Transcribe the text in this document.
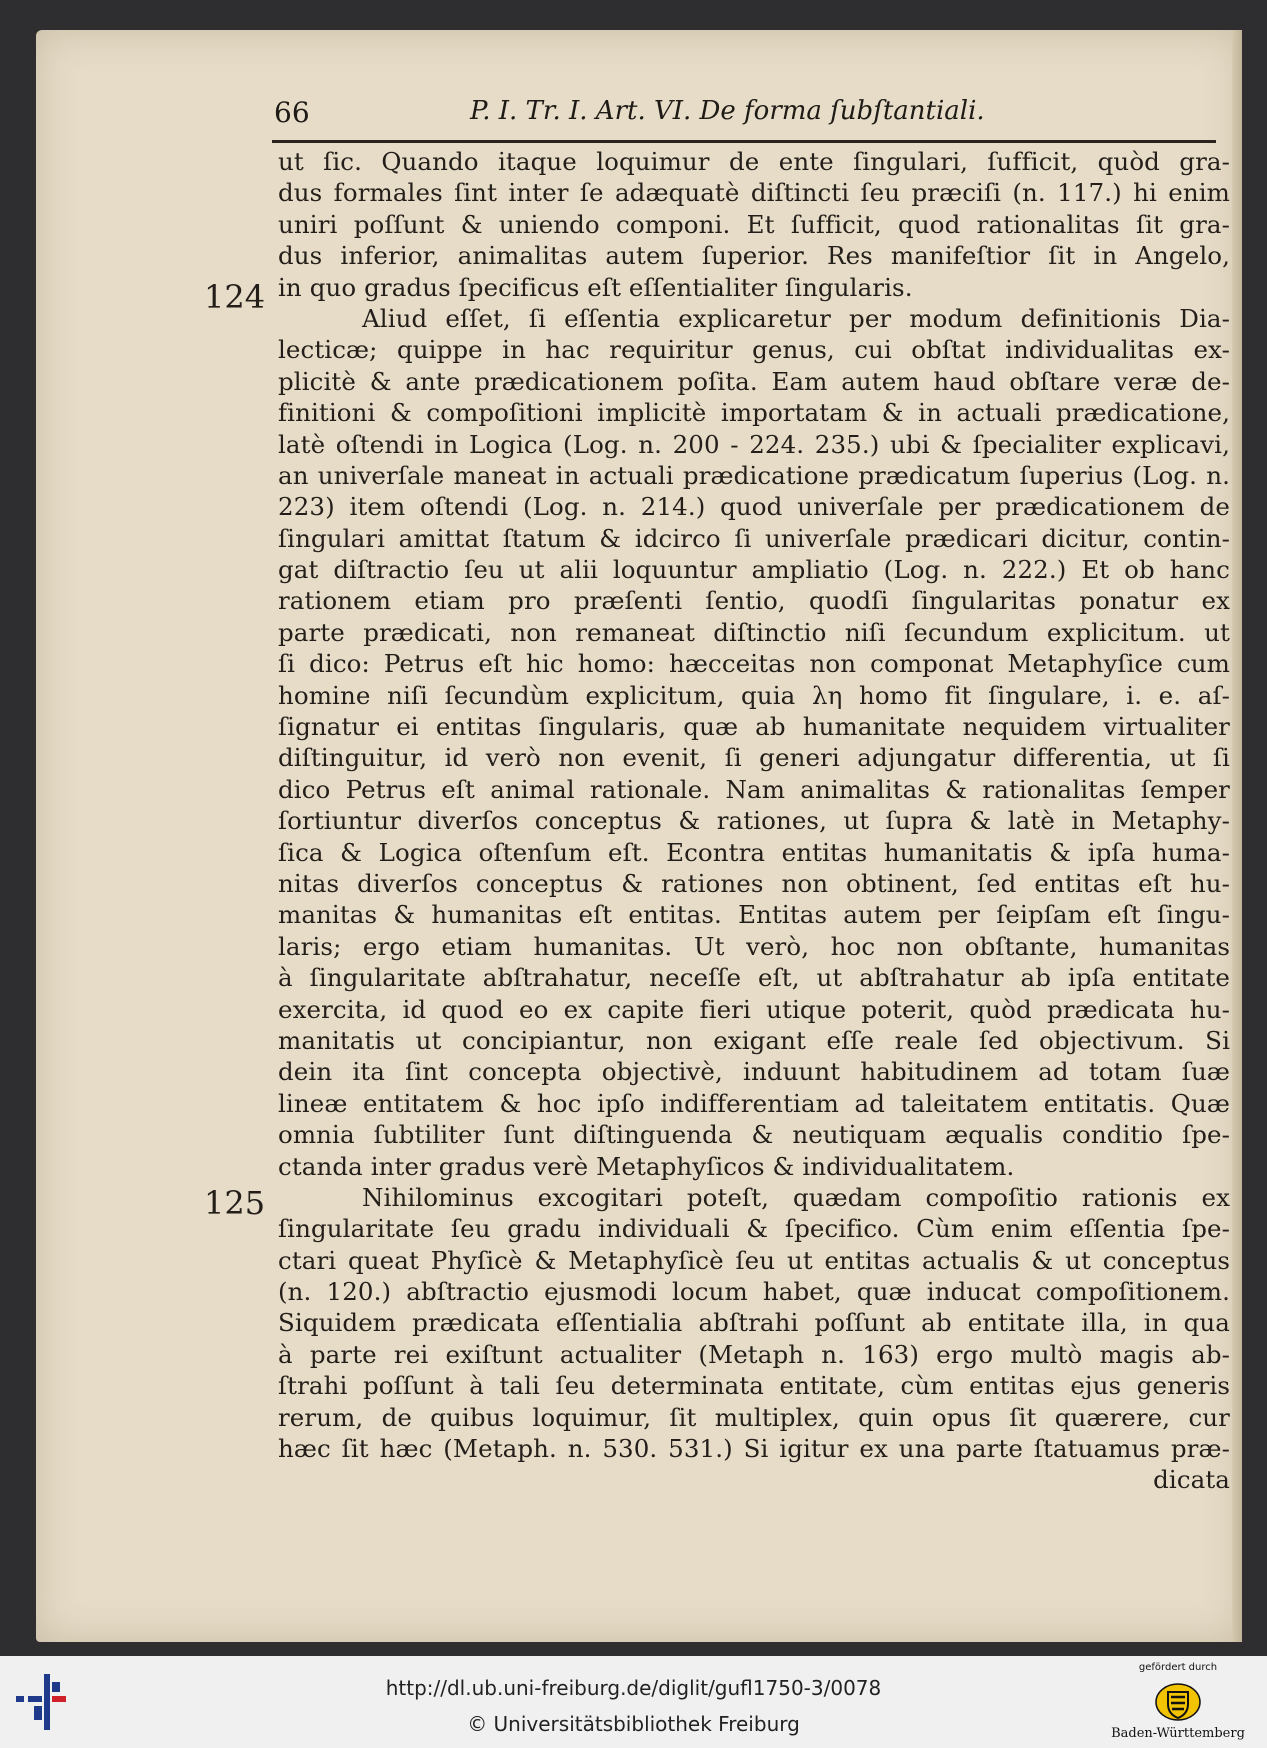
66	P. I. Tr. I. Art. VI. De forma ſubſtantiali.
124
125
ut ſic. Quando itaque loquimur de ente ſingulari, ſufficit, quòd gra-
dus formales ſint inter ſe adæquatè diſtincti ſeu præciſi (n. 117.) hi enim
uniri poſſunt & uniendo componi. Et ſufficit, quod rationalitas ſit gra-
dus inferior, animalitas autem ſuperior. Res manifeſtior ſit in Angelo,
in quo gradus ſpecificus eſt eſſentialiter ſingularis.
Aliud eſſet, ſi eſſentia explicaretur per modum definitionis Dia-
lecticæ; quippe in hac requiritur genus, cui obſtat individualitas ex-
plicitè & ante prædicationem poſita. Eam autem haud obſtare veræ de-
finitioni & compoſitioni implicitè importatam & in actuali prædicatione,
latè oſtendi in Logica (Log. n. 200 - 224. 235.) ubi & ſpecialiter explicavi,
an univerſale maneat in actuali prædicatione prædicatum ſuperius (Log. n.
223) item oſtendi (Log. n. 214.) quod univerſale per prædicationem de
ſingulari amittat ſtatum & idcirco ſi univerſale prædicari dicitur, contin-
gat diſtractio ſeu ut alii loquuntur ampliatio (Log. n. 222.) Et ob hanc
rationem etiam pro præſenti ſentio, quodſi ſingularitas ponatur ex
parte prædicati, non remaneat diſtinctio niſi ſecundum explicitum. ut
ſi dico: Petrus eſt hic homo: hæcceitas non componat Metaphyſice cum
homine niſi ſecundùm explicitum, quia λη homo fit ſingulare, i. e. aſ-
ſignatur ei entitas ſingularis, quæ ab humanitate nequidem virtualiter
diſtinguitur, id verò non evenit, ſi generi adjungatur differentia, ut ſi
dico Petrus eſt animal rationale. Nam animalitas & rationalitas ſemper
ſortiuntur diverſos conceptus & rationes, ut ſupra & latè in Metaphy-
ſica & Logica oſtenſum eſt. Econtra entitas humanitatis & ipſa huma-
nitas diverſos conceptus & rationes non obtinent, ſed entitas eſt hu-
manitas & humanitas eſt entitas. Entitas autem per ſeipſam eſt ſingu-
laris; ergo etiam humanitas. Ut verò, hoc non obſtante, humanitas
à ſingularitate abſtrahatur, neceſſe eſt, ut abſtrahatur ab ipſa entitate
exercita, id quod eo ex capite fieri utique poterit, quòd prædicata hu-
manitatis ut concipiantur, non exigant eſſe reale ſed objectivum. Si
dein ita ſint concepta objectivè, induunt habitudinem ad totam ſuæ
lineæ entitatem & hoc ipſo indifferentiam ad taleitatem entitatis. Quæ
omnia ſubtiliter ſunt diſtinguenda & neutiquam æqualis conditio ſpe-
ctanda inter gradus verè Metaphyſicos & individualitatem.
Nihilominus excogitari poteſt, quædam compoſitio rationis ex
ſingularitate ſeu gradu individuali & ſpecifico. Cùm enim eſſentia ſpe-
ctari queat Phyſicè & Metaphyſicè ſeu ut entitas actualis & ut conceptus
(n. 120.) abſtractio ejusmodi locum habet, quæ inducat compoſitionem.
Siquidem prædicata eſſentialia abſtrahi poſſunt ab entitate illa, in qua
à parte rei exiſtunt actualiter (Metaph n. 163) ergo multò magis ab-
ſtrahi poſſunt à tali ſeu determinata entitate, cùm entitas ejus generis
rerum, de quibus loquimur, ſit multiplex, quin opus ſit quærere, cur
hæc ſit hæc (Metaph. n. 530. 531.) Si igitur ex una parte ſtatuamus præ-
dicata
http://dl.ub.uni-freiburg.de/diglit/gufl1750-3/0078
© Universitätsbibliothek Freiburg
gefördert durch
Baden-Württemberg
